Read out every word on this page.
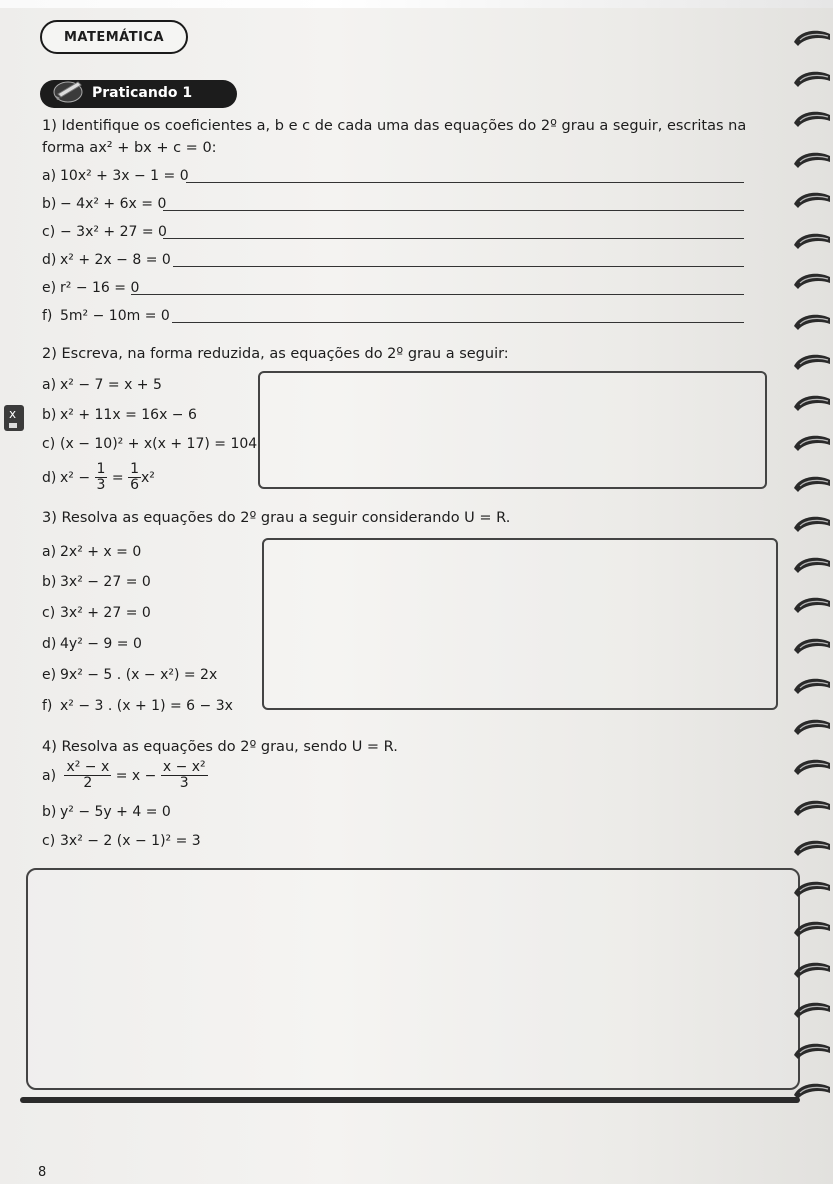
MATEMÁTICA
Praticando 1
1) Identifique os coeficientes a, b e c de cada uma das equações do 2º grau a seguir, escritas na
forma ax² + bx + c = 0:
a) 10x² + 3x − 1 = 0
b) − 4x² + 6x = 0
c) − 3x² + 27 = 0
d) x² + 2x − 8 = 0
e) r² − 16 = 0
f) 5m² − 10m = 0
2) Escreva, na forma reduzida, as equações do 2º grau a seguir:
a) x² − 7 = x + 5
b) x² + 11x = 16x − 6
c) (x − 10)² + x(x + 17) = 104
d) $x^2 - \frac{1}{3} = \frac{1}{6} x^2$
x
3) Resolva as equações do 2º grau a seguir considerando U = R.
a) 2x² + x = 0
b) 3x² − 27 = 0
c) 3x² + 27 = 0
d) 4y² − 9 = 0
e) 9x² − 5 . (x − x²) = 2x
f) x² − 3 . (x + 1) = 6 − 3x
4) Resolva as equações do 2º grau, sendo U = R.
$a) \frac{\text{x² − x}}{2} = x - \frac{\text{x − x²}}{3}$
b) y² − 5y + 4 = 0
c) 3x² − 2 (x − 1)² = 3
8
